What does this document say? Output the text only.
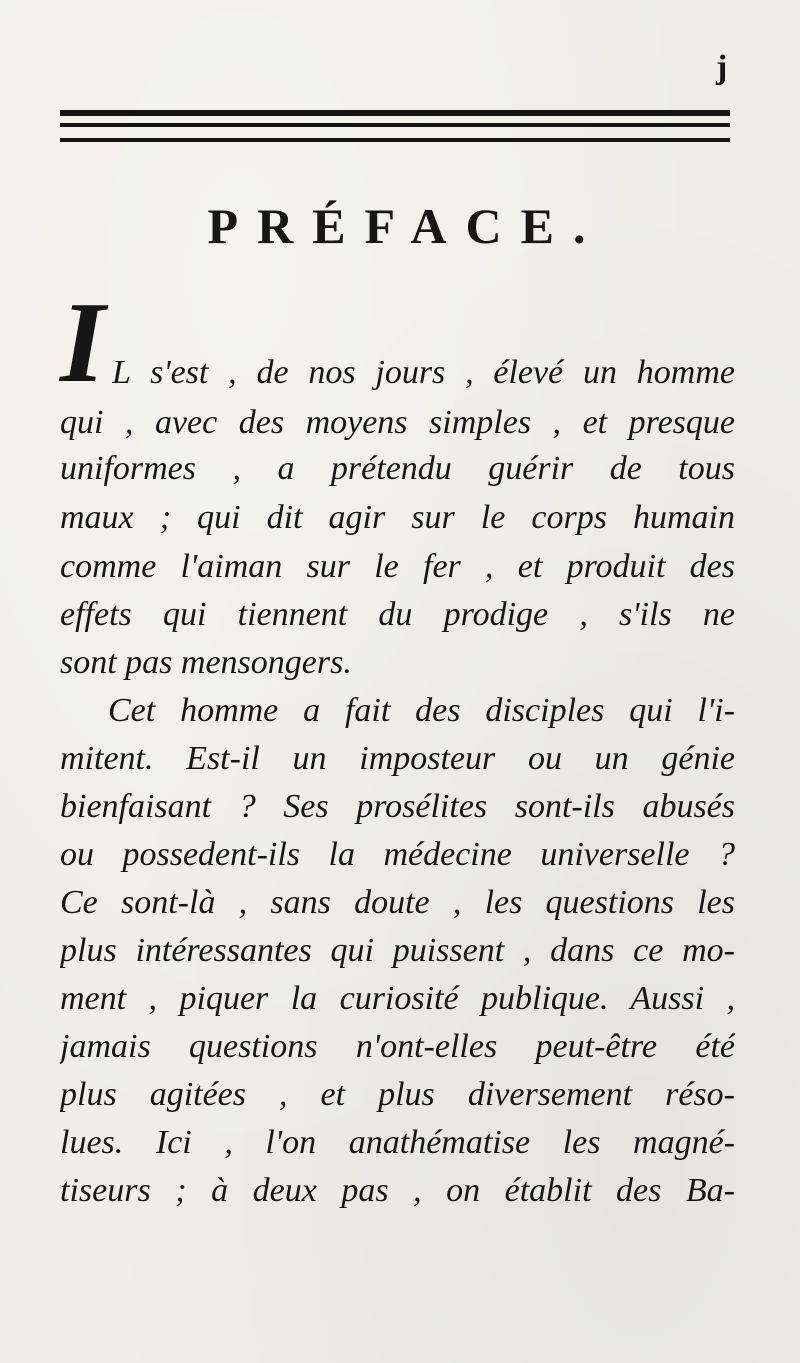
j
PRÉFACE.
I L s'est , de nos jours , élevé un homme
qui , avec des moyens simples , et presque
uniformes , a prétendu guérir de tous
maux ; qui dit agir sur le corps humain
comme l'aiman sur le fer , et produit des
effets qui tiennent du prodige , s'ils ne
sont pas mensongers.
Cet homme a fait des disciples qui l'i-
mitent. Est-il un imposteur ou un génie
bienfaisant ? Ses prosélites sont-ils abusés
ou possedent-ils la médecine universelle ?
Ce sont-là , sans doute , les questions les
plus intéressantes qui puissent , dans ce mo-
ment , piquer la curiosité publique. Aussi ,
jamais questions n'ont-elles peut-être été
plus agitées , et plus diversement réso-
lues. Ici , l'on anathématise les magné-
tiseurs ; à deux pas , on établit des Ba-
